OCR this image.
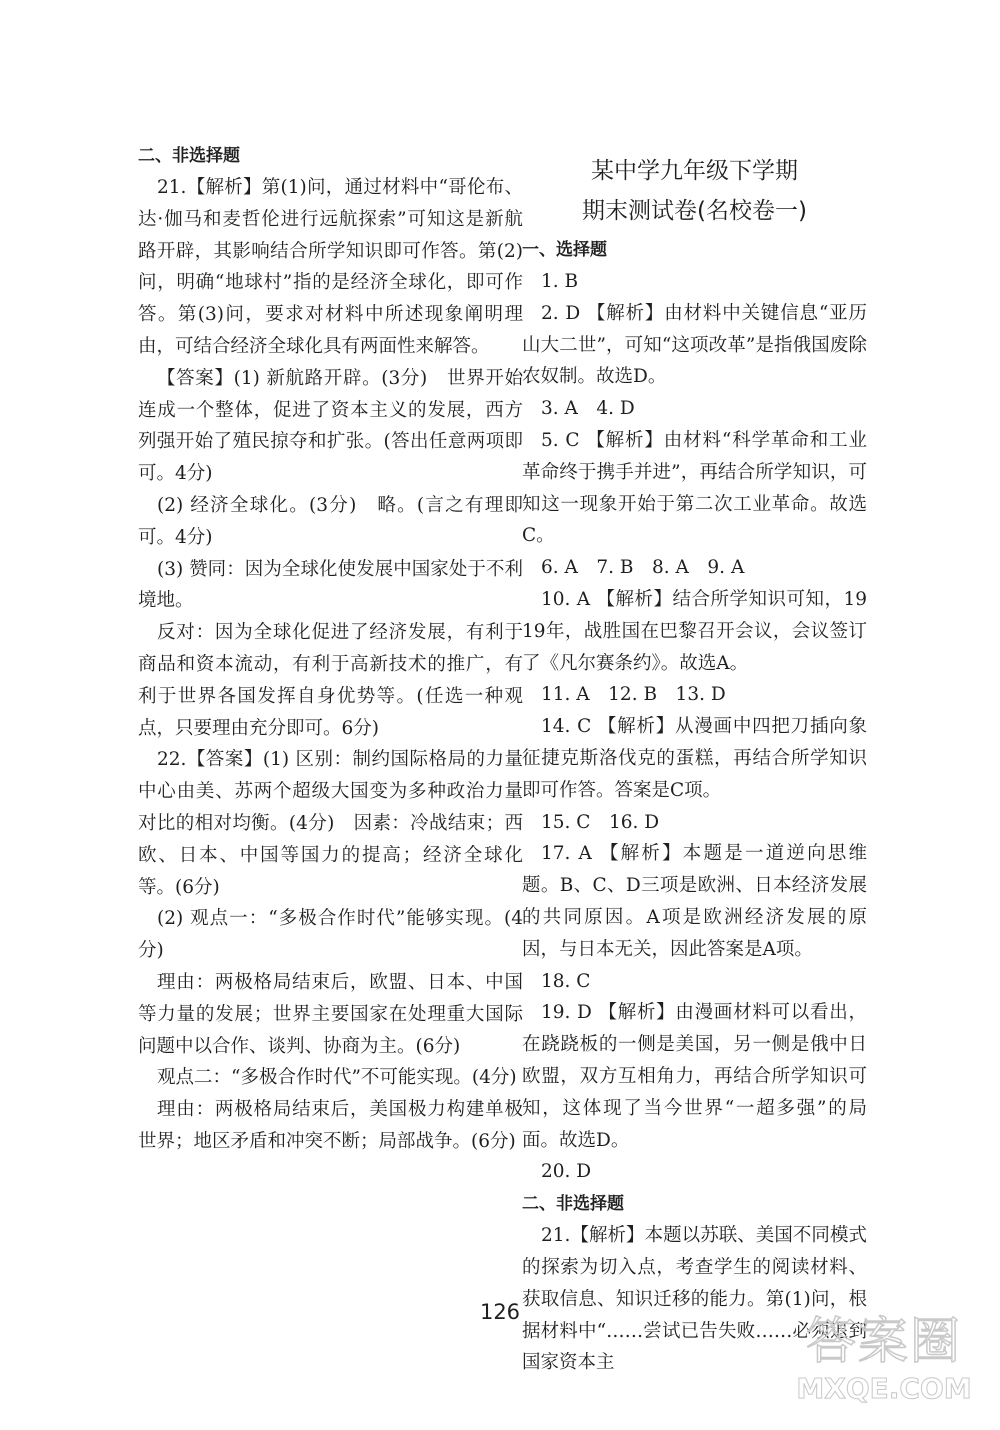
二、非选择题

21.【解析】第(1)问，通过材料中“哥伦布、达·伽马和麦哲伦进行远航探索”可知这是新航路开辟，其影响结合所学知识即可作答。第(2)问，明确“地球村”指的是经济全球化，即可作答。第(3)问，要求对材料中所述现象阐明理由，可结合经济全球化具有两面性来解答。

【答案】(1) 新航路开辟。(3分)　世界开始连成一个整体，促进了资本主义的发展，西方列强开始了殖民掠夺和扩张。(答出任意两项即可。4分)

(2) 经济全球化。(3分)　略。(言之有理即可。4分)

(3) 赞同：因为全球化使发展中国家处于不利境地。

反对：因为全球化促进了经济发展，有利于商品和资本流动，有利于高新技术的推广，有利于世界各国发挥自身优势等。(任选一种观点，只要理由充分即可。6分)

22.【答案】(1) 区别：制约国际格局的力量中心由美、苏两个超级大国变为多种政治力量对比的相对均衡。(4分)　因素：冷战结束；西欧、日本、中国等国力的提高；经济全球化等。(6分)

(2) 观点一：“多极合作时代”能够实现。(4分)

理由：两极格局结束后，欧盟、日本、中国等力量的发展；世界主要国家在处理重大国际问题中以合作、谈判、协商为主。(6分)

观点二：“多极合作时代”不可能实现。(4分)

理由：两极格局结束后，美国极力构建单极世界；地区矛盾和冲突不断；局部战争。(6分)

某中学九年级下学期

期末测试卷(名校卷一)

一、选择题

1. B

2. D 【解析】由材料中关键信息“亚历山大二世”，可知“这项改革”是指俄国废除农奴制。故选D。

3. A　4. D

5. C 【解析】由材料“科学革命和工业革命终于携手并进”，再结合所学知识，可知这一现象开始于第二次工业革命。故选C。

6. A　7. B　8. A　9. A

10. A 【解析】结合所学知识可知，1919年，战胜国在巴黎召开会议，会议签订了《凡尔赛条约》。故选A。

11. A　12. B　13. D

14. C 【解析】从漫画中四把刀插向象征捷克斯洛伐克的蛋糕，再结合所学知识即可作答。答案是C项。

15. C　16. D

17. A 【解析】本题是一道逆向思维题。B、C、D三项是欧洲、日本经济发展的共同原因。A项是欧洲经济发展的原因，与日本无关，因此答案是A项。

18. C

19. D 【解析】由漫画材料可以看出，在跷跷板的一侧是美国，另一侧是俄中日欧盟，双方互相角力，再结合所学知识可知，这体现了当今世界“一超多强”的局面。故选D。

20. D

二、非选择题

21.【解析】本题以苏联、美国不同模式的探索为切入点，考查学生的阅读材料、获取信息、知识迁移的能力。第(1)问，根据材料中“……尝试已告失败……必须退到国家资本主

126	答案圈
MXQE.COM
